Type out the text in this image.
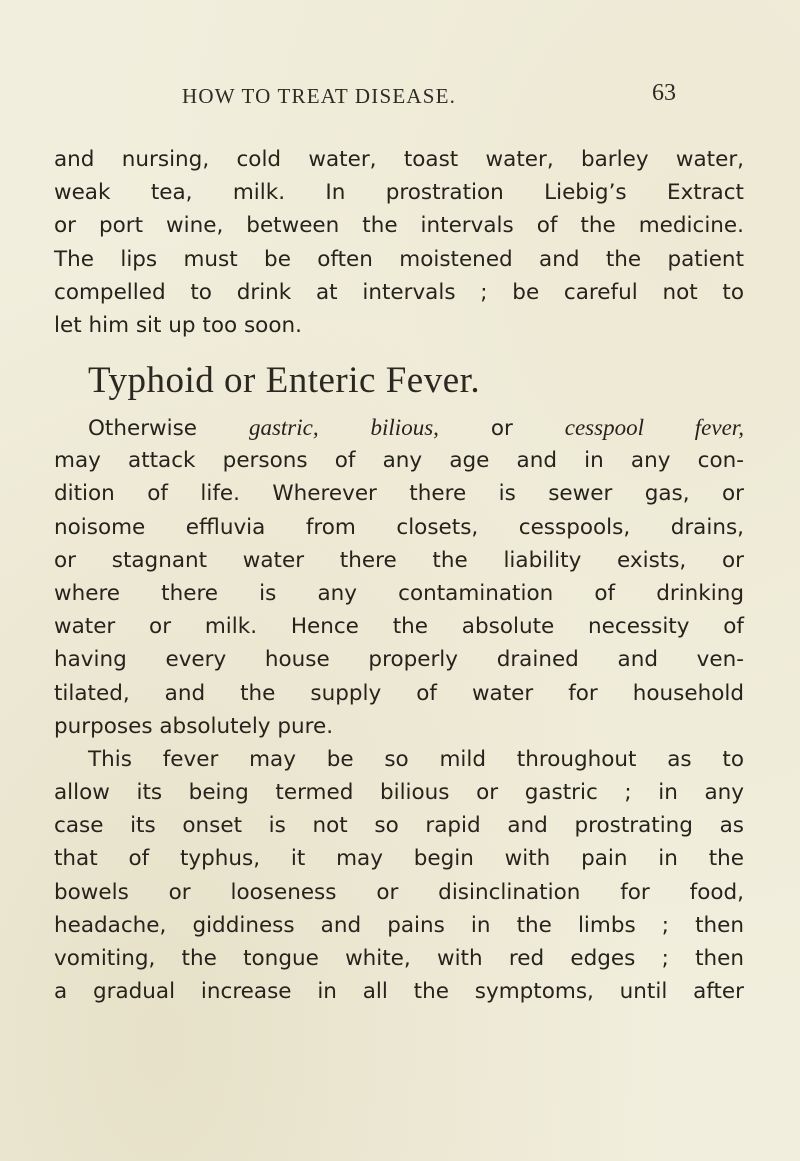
HOW TO TREAT DISEASE.	63
and nursing, cold water, toast water, barley water,
weak tea, milk. In prostration Liebig’s Extract
or port wine, between the intervals of the medicine.
The lips must be often moistened and the patient
compelled to drink at intervals ; be careful not to
let him sit up too soon.
Typhoid or Enteric Fever.
Otherwise gastric, bilious, or cesspool fever,
may attack persons of any age and in any con-
dition of life. Wherever there is sewer gas, or
noisome effluvia from closets, cesspools, drains,
or stagnant water there the liability exists, or
where there is any contamination of drinking
water or milk. Hence the absolute necessity of
having every house properly drained and ven-
tilated, and the supply of water for household
purposes absolutely pure.
This fever may be so mild throughout as to
allow its being termed bilious or gastric ; in any
case its onset is not so rapid and prostrating as
that of typhus, it may begin with pain in the
bowels or looseness or disinclination for food,
headache, giddiness and pains in the limbs ; then
vomiting, the tongue white, with red edges ; then
a gradual increase in all the symptoms, until after
